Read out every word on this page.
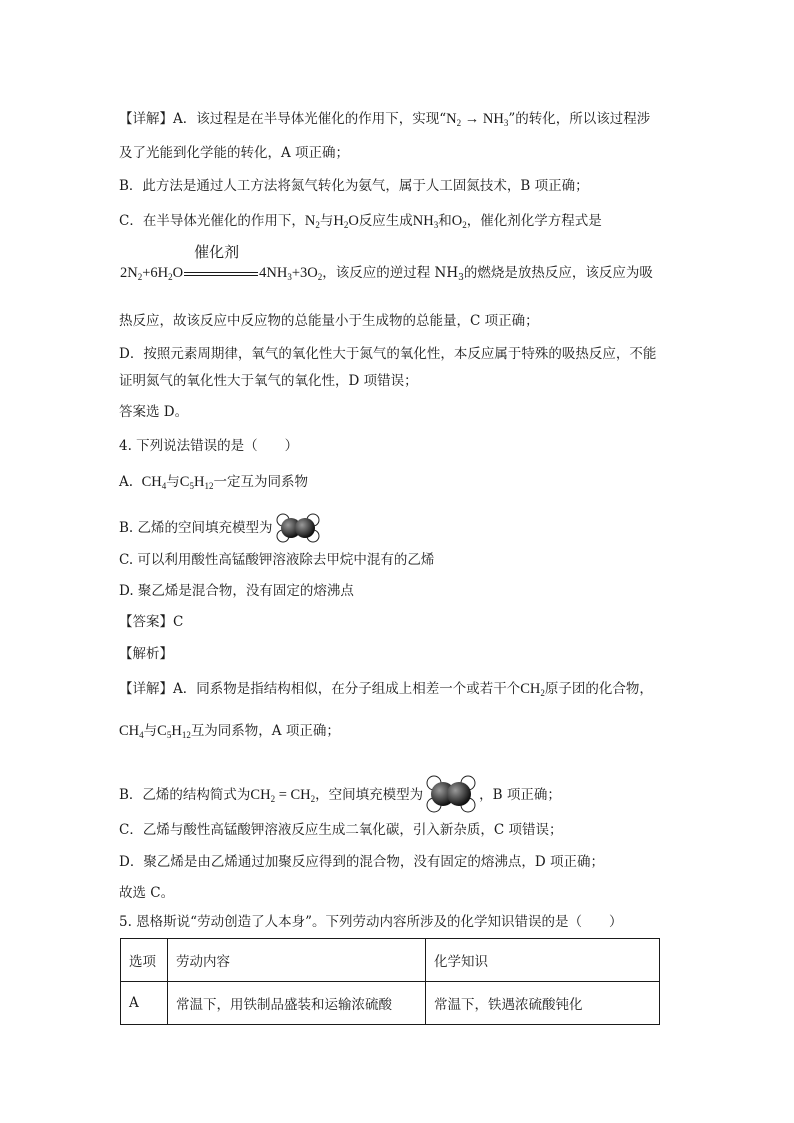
【详解】A．该过程是在半导体光催化的作用下，实现“$N_2 \to NH_3$”的转化，所以该过程涉
及了光能到化学能的转化，A 项正确；
B．此方法是通过人工方法将氮气转化为氨气，属于人工固氮技术，B 项正确；
C．在半导体光催化的作用下，$N_2$与$H_2O$反应生成$NH_3$和$O_2$，催化剂化学方程式是
$2N_2+6H_2O$
催化剂
$4NH_3+3O_2$，该反应的逆过程 $NH_3$的燃烧是放热反应，该反应为吸
热反应，故该反应中反应物的总能量小于生成物的总能量，C 项正确；
D．按照元素周期律，氧气的氧化性大于氮气的氧化性，本反应属于特殊的吸热反应，不能
证明氮气的氧化性大于氧气的氧化性，D 项错误；
答案选 D。
4. 下列说法错误的是（　　）
A. $CH_4$与$C_5H_{12}$一定互为同系物
B. 乙烯的空间填充模型为
C. 可以利用酸性高锰酸钾溶液除去甲烷中混有的乙烯
D. 聚乙烯是混合物，没有固定的熔沸点
【答案】C
【解析】
【详解】A．同系物是指结构相似，在分子组成上相差一个或若干个$CH_2$原子团的化合物，
$CH_4$与$C_5H_{12}$互为同系物，A 项正确；
B．乙烯的结构简式为$CH_2 = CH_2$，空间填充模型为	，B 项正确；
C．乙烯与酸性高锰酸钾溶液反应生成二氧化碳，引入新杂质，C 项错误；
D．聚乙烯是由乙烯通过加聚反应得到的混合物，没有固定的熔沸点，D 项正确；
故选 C。
5. 恩格斯说“劳动创造了人本身”。下列劳动内容所涉及的化学知识错误的是（　　）
选项	劳动内容	化学知识
A	常温下，用铁制品盛装和运输浓硫酸	常温下，铁遇浓硫酸钝化
